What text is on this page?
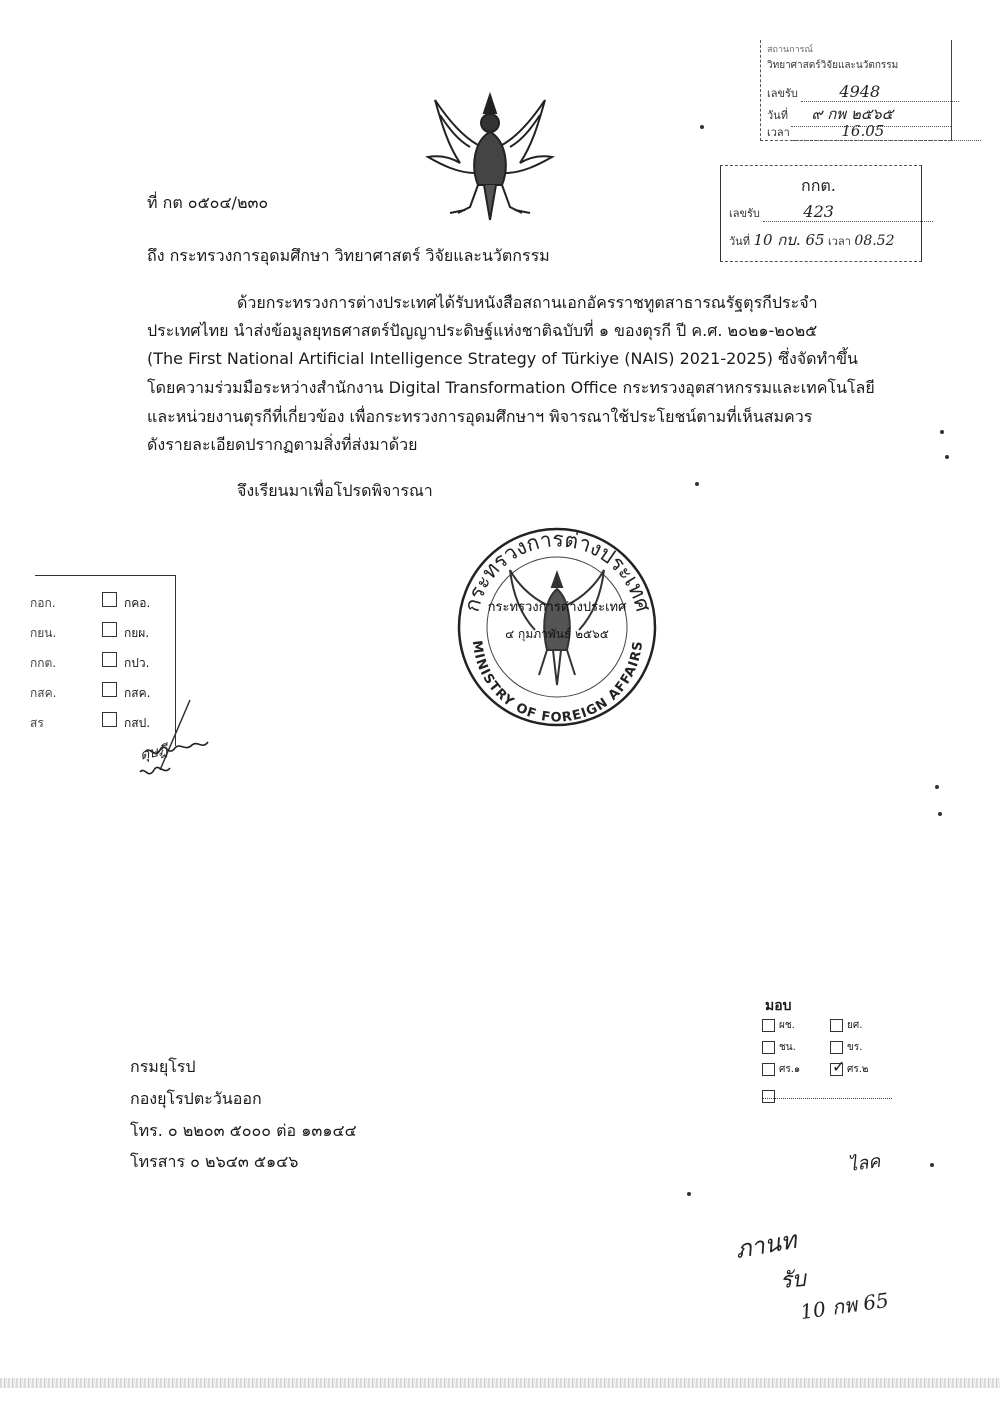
สถานการณ์
วิทยาศาสตร์วิจัยและนวัตกรรม
เลขรับ	4948
วันที่ ๙ กพ ๒๕๖๕
เวลา	16.05
กกต.
เลขรับ	423
วันที่ 10 กบ. 65 เวลา 08.52
ที่ กต ๐๕๐๔/๒๓๐
ถึง กระทรวงการอุดมศึกษา วิทยาศาสตร์ วิจัยและนวัตกรรม
ด้วยกระทรวงการต่างประเทศได้รับหนังสือสถานเอกอัครราชทูตสาธารณรัฐตุรกีประจำ
ประเทศไทย นำส่งข้อมูลยุทธศาสตร์ปัญญาประดิษฐ์แห่งชาติฉบับที่ ๑ ของตุรกี ปี ค.ศ. ๒๐๒๑-๒๐๒๕
(The First National Artificial Intelligence Strategy of Türkiye (NAIS) 2021-2025) ซึ่งจัดทำขึ้น
โดยความร่วมมือระหว่างสำนักงาน Digital Transformation Office กระทรวงอุตสาหกรรมและเทคโนโลยี
และหน่วยงานตุรกีที่เกี่ยวข้อง เพื่อกระทรวงการอุดมศึกษาฯ พิจารณาใช้ประโยชน์ตามที่เห็นสมควร
ดังรายละเอียดปรากฏตามสิ่งที่ส่งมาด้วย
จึงเรียนมาเพื่อโปรดพิจารณา
กระทรวงการต่างประเทศ
MINISTRY OF FOREIGN AFFAIRS
กระทรวงการต่างประเทศ
๔ กุมภาพันธ์ ๒๕๖๕
กอก.	กคอ.
กยน.	กยผ.
กกต.	กปว.
กสค.	กสค.
สร	กสป.
ดุษฎี
กรมยุโรป
กองยุโรปตะวันออก
โทร. ๐ ๒๒๐๓ ๕๐๐๐ ต่อ ๑๓๑๔๔
โทรสาร ๐ ๒๖๔๓ ๕๑๔๖
มอบ
ผช.	ยศ.
ชน.	ขร.
ศร.๑ ✓ ศร.๒
ไลค
ภานท
รับ
10 กพ 65
